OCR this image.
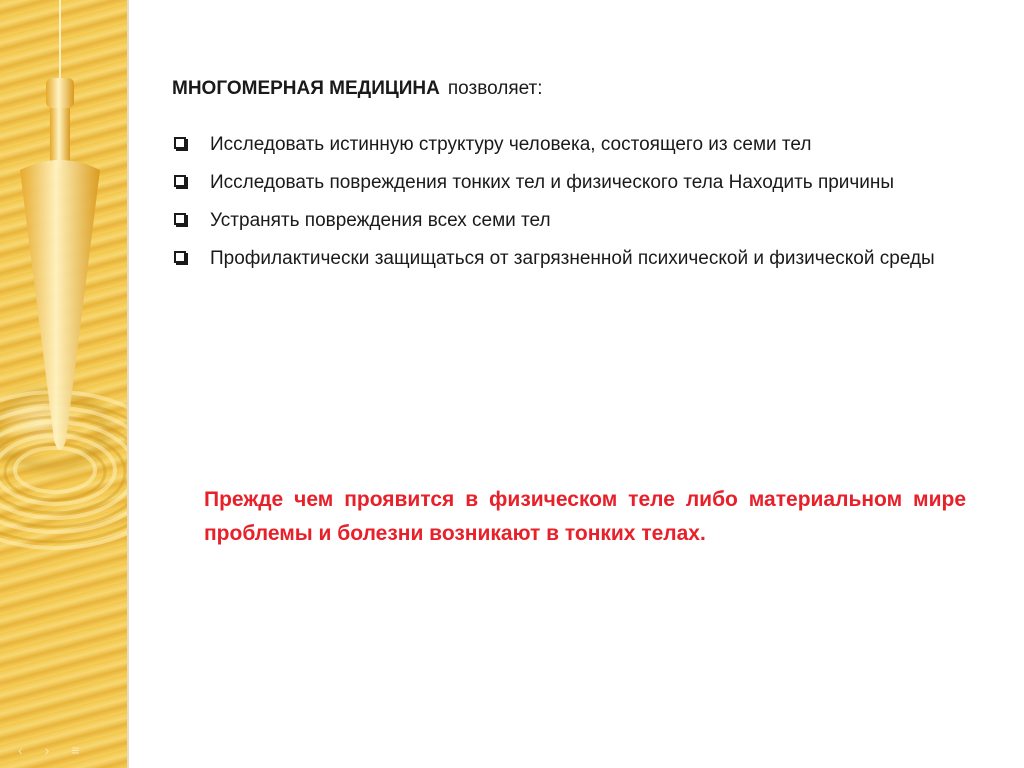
‹ › ≡

МНОГОМЕРНАЯ МЕДИЦИНА позволяет:

Исследовать истинную структуру человека, состоящего из семи тел
Исследовать повреждения тонких тел и физического тела Находить причины
Устранять повреждения всех семи тел
Профилактически защищаться от загрязненной психической и физической среды

Прежде чем проявится в физическом теле либо материальном мире проблемы и болезни возникают в тонких телах.
